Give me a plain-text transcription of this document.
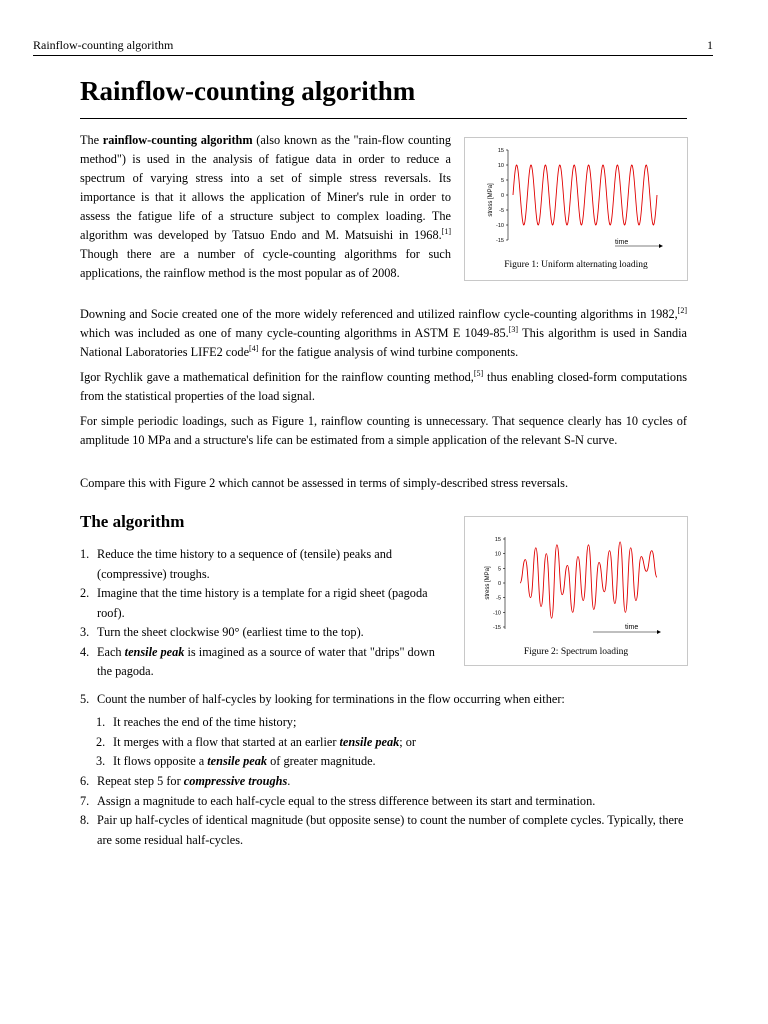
Rainflow-counting algorithm	1
Rainflow-counting algorithm

The rainflow-counting algorithm (also known as the "rain-flow counting method") is used in the analysis of fatigue data in order to reduce a spectrum of varying stress into a set of simple stress reversals. Its importance is that it allows the application of Miner's rule in order to assess the fatigue life of a structure subject to complex loading. The algorithm was developed by Tatsuo Endo and M. Matsuishi in 1968.[1] Though there are a number of cycle-counting algorithms for such applications, the rainflow method is the most popular as of 2008.

stress [MPa]
15
10
5
0
-5
-10
-15	time
Figure 1: Uniform alternating loading

Downing and Socie created one of the more widely referenced and utilized rainflow cycle-counting algorithms in 1982,[2] which was included as one of many cycle-counting algorithms in ASTM E 1049-85.[3] This algorithm is used in Sandia National Laboratories LIFE2 code[4] for the fatigue analysis of wind turbine components.

Igor Rychlik gave a mathematical definition for the rainflow counting method,[5] thus enabling closed-form computations from the statistical properties of the load signal.

For simple periodic loadings, such as Figure 1, rainflow counting is unnecessary. That sequence clearly has 10 cycles of amplitude 10 MPa and a structure's life can be estimated from a simple application of the relevant S-N curve.

Compare this with Figure 2 which cannot be assessed in terms of simply-described stress reversals.

The algorithm
1. Reduce the time history to a sequence of (tensile) peaks and (compressive) troughs.
2. Imagine that the time history is a template for a rigid sheet (pagoda roof).
3. Turn the sheet clockwise 90° (earliest time to the top).
4. Each tensile peak is imagined as a source of water that "drips" down the pagoda.
stress [MPa]
15
10
5
0
-5
-10
-15	time
Figure 2: Spectrum loading
5. Count the number of half-cycles by looking for terminations in the flow occurring when either:
1. It reaches the end of the time history;
2. It merges with a flow that started at an earlier tensile peak; or
3. It flows opposite a tensile peak of greater magnitude.
6. Repeat step 5 for compressive troughs.
7. Assign a magnitude to each half-cycle equal to the stress difference between its start and termination.
8. Pair up half-cycles of identical magnitude (but opposite sense) to count the number of complete cycles. Typically, there are some residual half-cycles.
